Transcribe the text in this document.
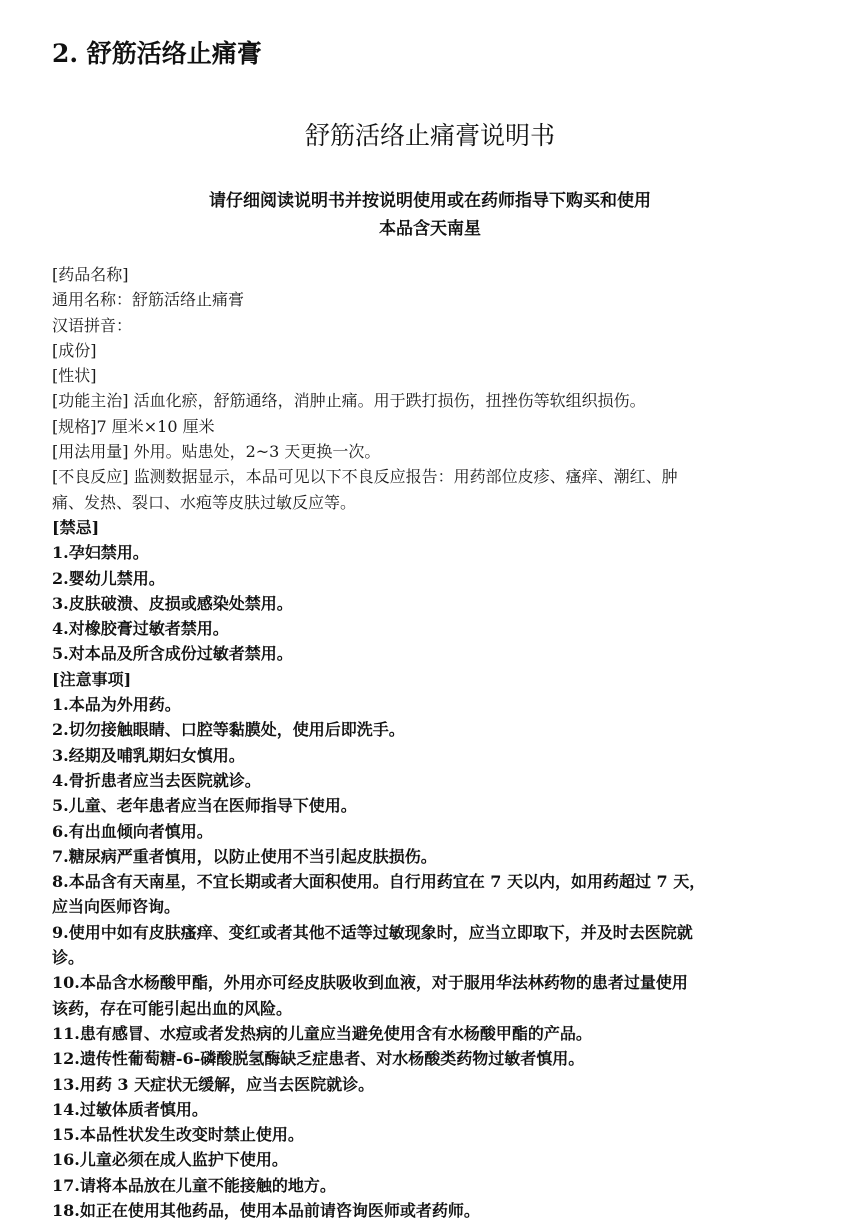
2. 舒筋活络止痛膏
舒筋活络止痛膏说明书
请仔细阅读说明书并按说明使用或在药师指导下购买和使用
本品含天南星
[药品名称]
通用名称：舒筋活络止痛膏
汉语拼音：
[成份]
[性状]
[功能主治] 活血化瘀，舒筋通络，消肿止痛。用于跌打损伤，扭挫伤等软组织损伤。
[规格]7 厘米×10 厘米
[用法用量] 外用。贴患处，2~3 天更换一次。
[不良反应] 监测数据显示，本品可见以下不良反应报告：用药部位皮疹、瘙痒、潮红、肿
痛、发热、裂口、水疱等皮肤过敏反应等。
[禁忌]
1.孕妇禁用。
2.婴幼儿禁用。
3.皮肤破溃、皮损或感染处禁用。
4.对橡胶膏过敏者禁用。
5.对本品及所含成份过敏者禁用。
[注意事项]
1.本品为外用药。
2.切勿接触眼睛、口腔等黏膜处，使用后即洗手。
3.经期及哺乳期妇女慎用。
4.骨折患者应当去医院就诊。
5.儿童、老年患者应当在医师指导下使用。
6.有出血倾向者慎用。
7.糖尿病严重者慎用，以防止使用不当引起皮肤损伤。
8.本品含有天南星，不宜长期或者大面积使用。自行用药宜在 7 天以内，如用药超过 7 天，
应当向医师咨询。
9.使用中如有皮肤瘙痒、变红或者其他不适等过敏现象时，应当立即取下，并及时去医院就
诊。
10.本品含水杨酸甲酯，外用亦可经皮肤吸收到血液，对于服用华法林药物的患者过量使用
该药，存在可能引起出血的风险。
11.患有感冒、水痘或者发热病的儿童应当避免使用含有水杨酸甲酯的产品。
12.遗传性葡萄糖-6-磷酸脱氢酶缺乏症患者、对水杨酸类药物过敏者慎用。
13.用药 3 天症状无缓解，应当去医院就诊。
14.过敏体质者慎用。
15.本品性状发生改变时禁止使用。
16.儿童必须在成人监护下使用。
17.请将本品放在儿童不能接触的地方。
18.如正在使用其他药品，使用本品前请咨询医师或者药师。
